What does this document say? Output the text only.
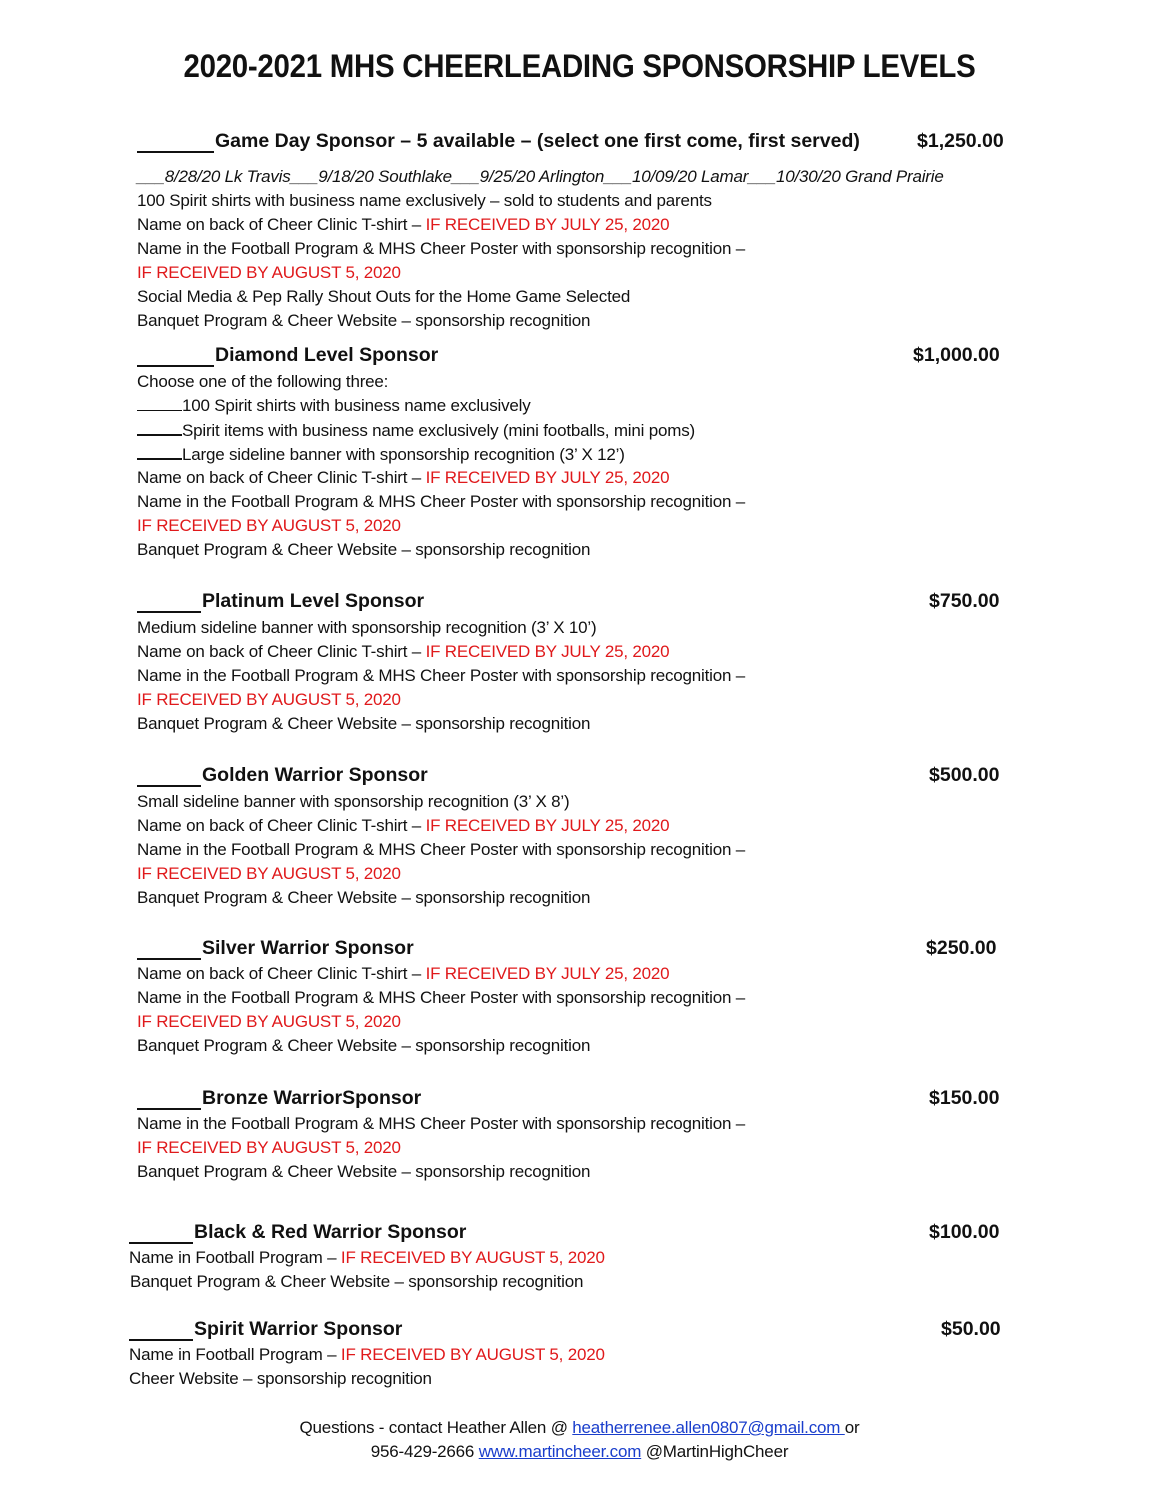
2020-2021 MHS CHEERLEADING SPONSORSHIP LEVELS
Game Day Sponsor – 5 available – (select one first come, first served)	$1,250.00
___8/28/20 Lk Travis___9/18/20 Southlake___9/25/20 Arlington___10/09/20 Lamar___10/30/20 Grand Prairie
100 Spirit shirts with business name exclusively – sold to students and parents
Name on back of Cheer Clinic T-shirt – IF RECEIVED BY JULY 25, 2020
Name in the Football Program & MHS Cheer Poster with sponsorship recognition –
IF RECEIVED BY AUGUST 5, 2020
Social Media & Pep Rally Shout Outs for the Home Game Selected
Banquet Program & Cheer Website – sponsorship recognition
Diamond Level Sponsor	$1,000.00
Choose one of the following three:
100 Spirit shirts with business name exclusively
Spirit items with business name exclusively (mini footballs, mini poms)
Large sideline banner with sponsorship recognition (3’ X 12’)
Name on back of Cheer Clinic T-shirt – IF RECEIVED BY JULY 25, 2020
Name in the Football Program & MHS Cheer Poster with sponsorship recognition –
IF RECEIVED BY AUGUST 5, 2020
Banquet Program & Cheer Website – sponsorship recognition
Platinum Level Sponsor	$750.00
Medium sideline banner with sponsorship recognition (3’ X 10’)
Name on back of Cheer Clinic T-shirt – IF RECEIVED BY JULY 25, 2020
Name in the Football Program & MHS Cheer Poster with sponsorship recognition –
IF RECEIVED BY AUGUST 5, 2020
Banquet Program & Cheer Website – sponsorship recognition
Golden Warrior Sponsor	$500.00
Small sideline banner with sponsorship recognition (3’ X 8’)
Name on back of Cheer Clinic T-shirt – IF RECEIVED BY JULY 25, 2020
Name in the Football Program & MHS Cheer Poster with sponsorship recognition –
IF RECEIVED BY AUGUST 5, 2020
Banquet Program & Cheer Website – sponsorship recognition
Silver Warrior Sponsor	$250.00
Name on back of Cheer Clinic T-shirt – IF RECEIVED BY JULY 25, 2020
Name in the Football Program & MHS Cheer Poster with sponsorship recognition –
IF RECEIVED BY AUGUST 5, 2020
Banquet Program & Cheer Website – sponsorship recognition
Bronze WarriorSponsor	$150.00
Name in the Football Program & MHS Cheer Poster with sponsorship recognition –
IF RECEIVED BY AUGUST 5, 2020
Banquet Program & Cheer Website – sponsorship recognition
Black & Red Warrior Sponsor	$100.00
Name in Football Program – IF RECEIVED BY AUGUST 5, 2020
Banquet Program & Cheer Website – sponsorship recognition
Spirit Warrior Sponsor	$50.00
Name in Football Program – IF RECEIVED BY AUGUST 5, 2020
Cheer Website – sponsorship recognition
Questions - contact Heather Allen @ heatherrenee.allen0807@gmail.com or
956-429-2666 www.martincheer.com @MartinHighCheer
